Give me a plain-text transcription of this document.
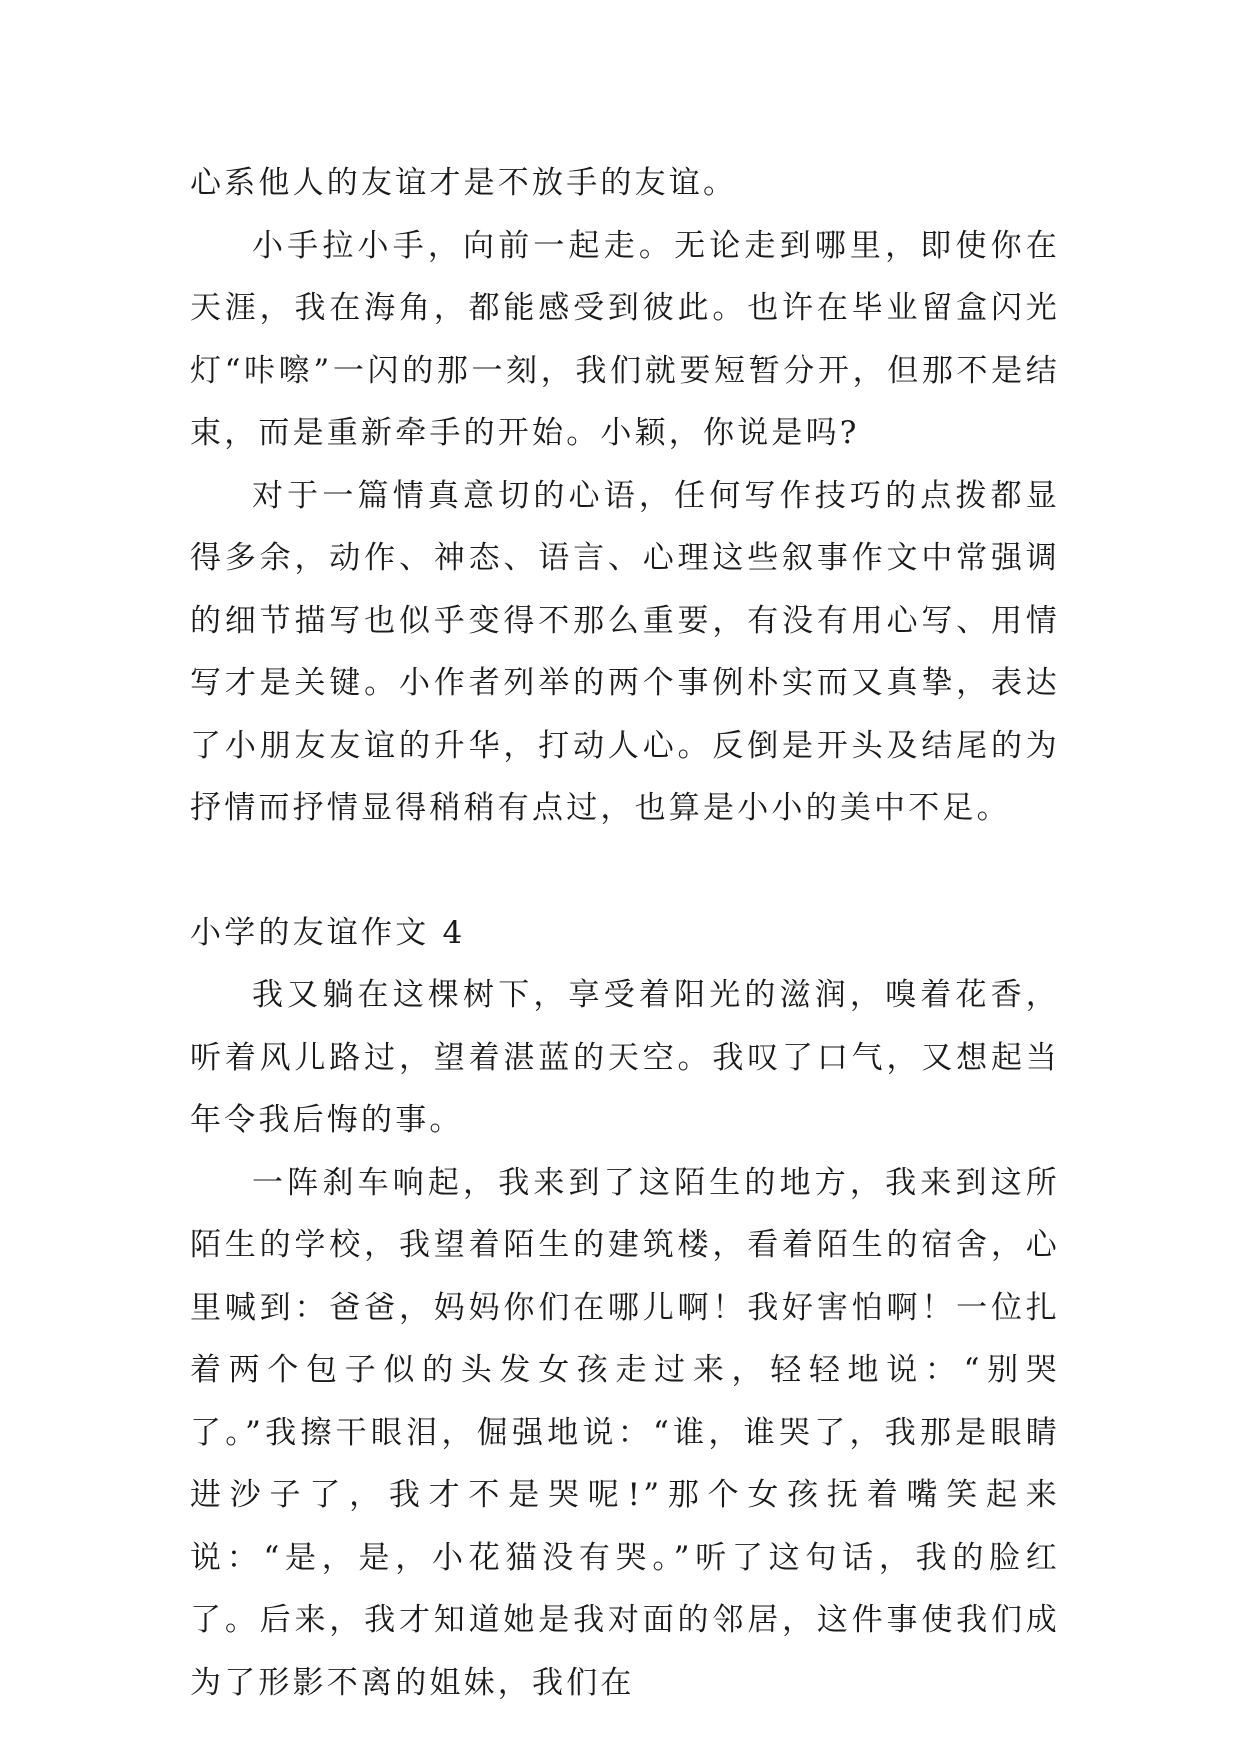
心系他人的友谊才是不放手的友谊。

小手拉小手，向前一起走。无论走到哪里，即使你在天涯，我在海角，都能感受到彼此。也许在毕业留盒闪光灯“咔嚓”一闪的那一刻，我们就要短暂分开，但那不是结束，而是重新牵手的开始。小颖，你说是吗?

对于一篇情真意切的心语，任何写作技巧的点拨都显得多余，动作、神态、语言、心理这些叙事作文中常强调的细节描写也似乎变得不那么重要，有没有用心写、用情写才是关键。小作者列举的两个事例朴实而又真挚，表达了小朋友友谊的升华，打动人心。反倒是开头及结尾的为抒情而抒情显得稍稍有点过，也算是小小的美中不足。

小学的友谊作文 4

我又躺在这棵树下，享受着阳光的滋润，嗅着花香，听着风儿路过，望着湛蓝的天空。我叹了口气，又想起当年令我后悔的事。

一阵刹车响起，我来到了这陌生的地方，我来到这所陌生的学校，我望着陌生的建筑楼，看着陌生的宿舍，心里喊到：爸爸，妈妈你们在哪儿啊！我好害怕啊！一位扎着两个包子似的头发女孩走过来，轻轻地说：“别哭了。”我擦干眼泪，倔强地说：“谁，谁哭了，我那是眼睛进沙子了，我才不是哭呢!”那个女孩抚着嘴笑起来说：“是，是，小花猫没有哭。”听了这句话，我的脸红了。后来，我才知道她是我对面的邻居，这件事使我们成为了形影不离的姐妹，我们在
